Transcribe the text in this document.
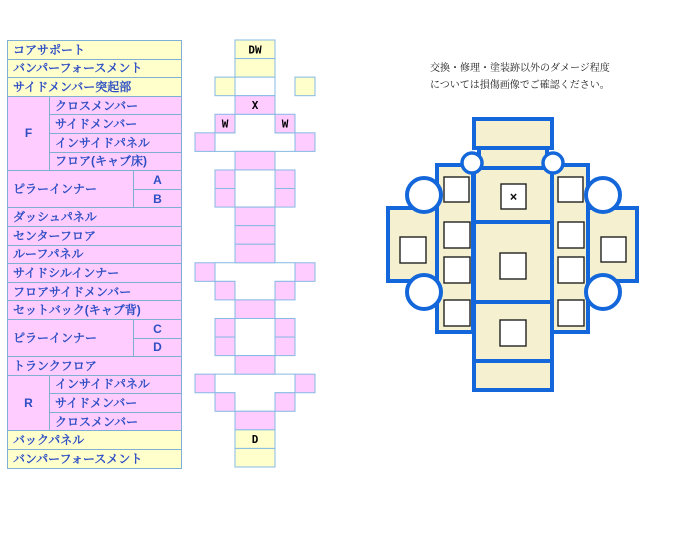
交換・修理・塗装跡以外のダメージ程度
については損傷画像でご確認ください。
コアサポート		
バンパーフォースメント		
サイドメンバー突起部		
F	クロスメンバー	
	サイドメンバー	
	インサイドパネル	
	フロア(キャブ床)	
ピラーインナー		A
		B
ダッシュパネル		
センターフロア		
ルーフパネル		
サイドシルインナー		
フロアサイドメンバー		
セットバック(キャブ背)		
ピラーインナー		C
		D
トランクフロア		
R	インサイドパネル	
	サイドメンバー	
	クロスメンバー	
バックパネル		
バンパーフォースメント		
DW
X
W	W
D
×
